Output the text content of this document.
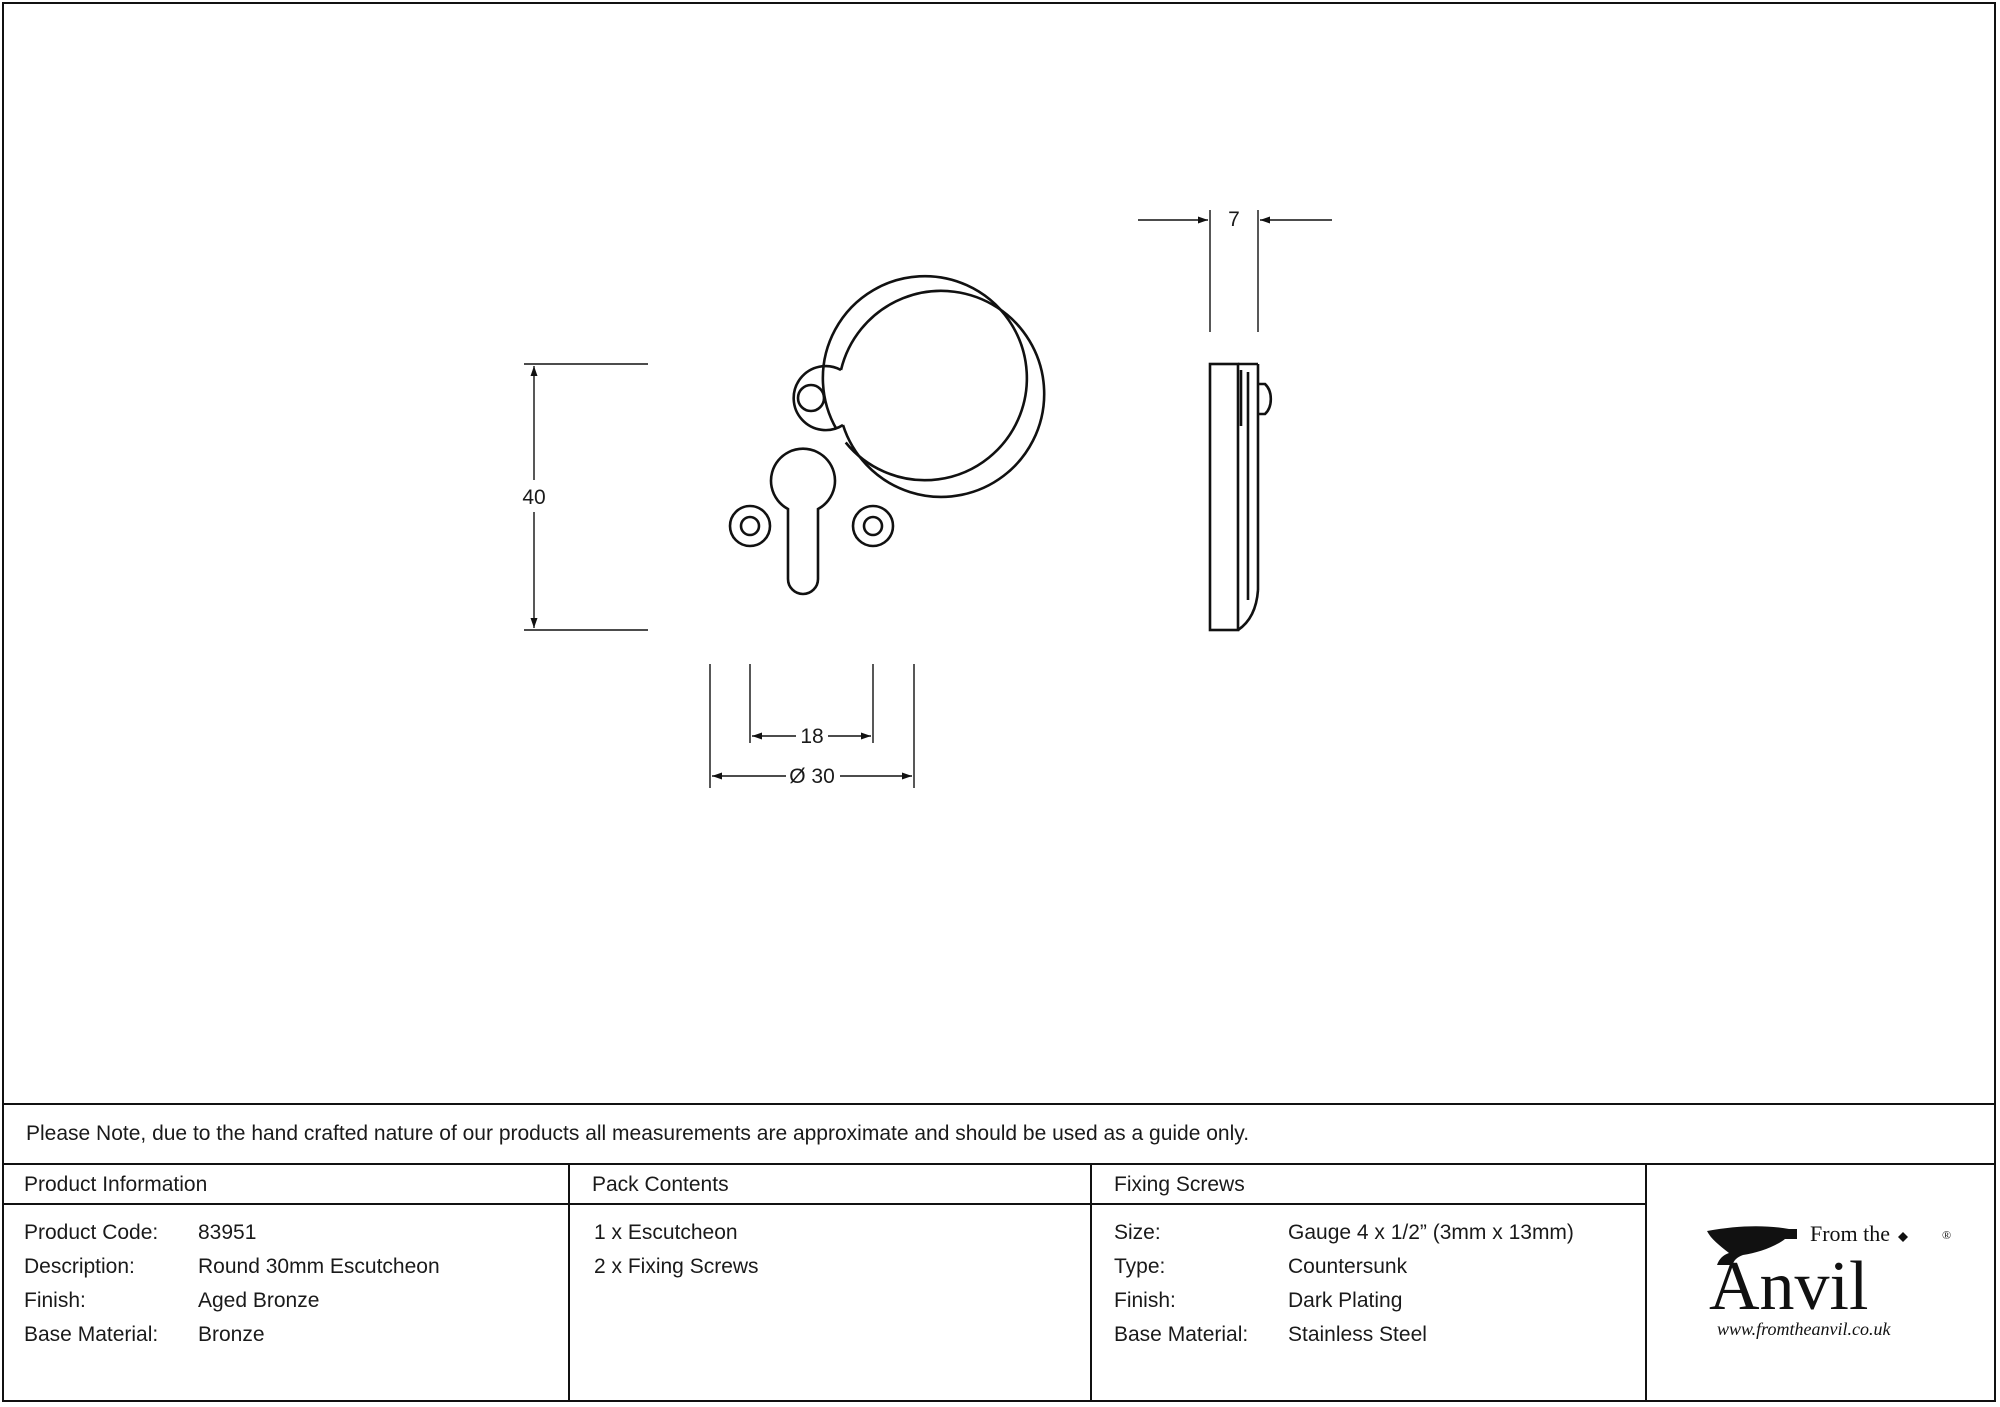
40
18
Ø 30
7
Please Note, due to the hand crafted nature of our products all measurements are approximate and should be used as a guide only.
Product Information
Product Code: 83951
Description:	Round 30mm Escutcheon
Finish:	Aged Bronze
Base Material: Bronze
Pack Contents
1 x Escutcheon
2 x Fixing Screws
Fixing Screws
Size:	Gauge 4 x 1/2” (3mm x 13mm)
Type:	Countersunk
Finish:	Dark Plating
Base Material: Stainless Steel
From the	®
Anvil
www.fromtheanvil.co.uk
